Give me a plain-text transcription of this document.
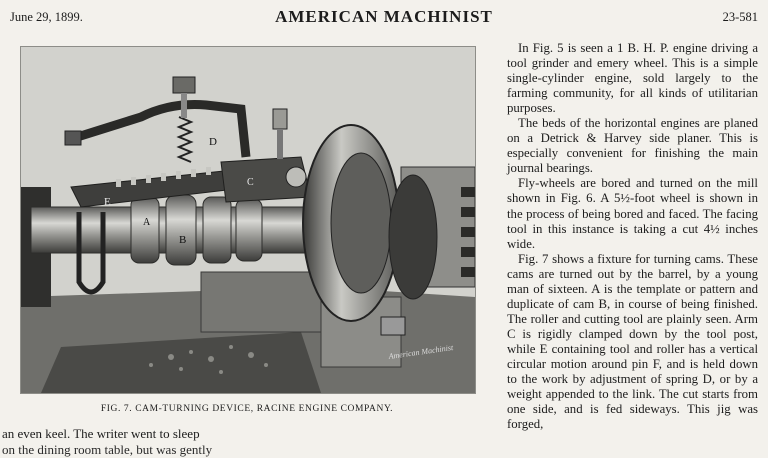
June 29, 1899.	AMERICAN MACHINIST	23-581
D
E
B
C
A
American Machinist
FIG. 7. CAM-TURNING DEVICE, RACINE ENGINE COMPANY.

an even keel. The writer went to sleep

on the dining room table, but was gently

In Fig. 5 is seen a 1 B. H. P. engine driving a tool grinder and emery wheel. This is a simple single-cylinder engine, sold largely to the farming community, for all kinds of utilitarian purposes.

The beds of the horizontal engines are planed on a Detrick & Harvey side planer. This is especially convenient for finishing the main journal bearings.

Fly-wheels are bored and turned on the mill shown in Fig. 6. A 5½-foot wheel is shown in the process of being bored and faced. The facing tool in this instance is taking a cut 4½ inches wide.

Fig. 7 shows a fixture for turning cams. These cams are turned out by the barrel, by a young man of sixteen. A is the template or pattern and duplicate of cam B, in course of being finished. The roller and cutting tool are plainly seen. Arm C is rigidly clamped down by the tool post, while E containing tool and roller has a vertical circular motion around pin F, and is held down to the work by adjustment of spring D, or by a weight appended to the link. The cut starts from one side, and is fed sideways. This jig was forged,
